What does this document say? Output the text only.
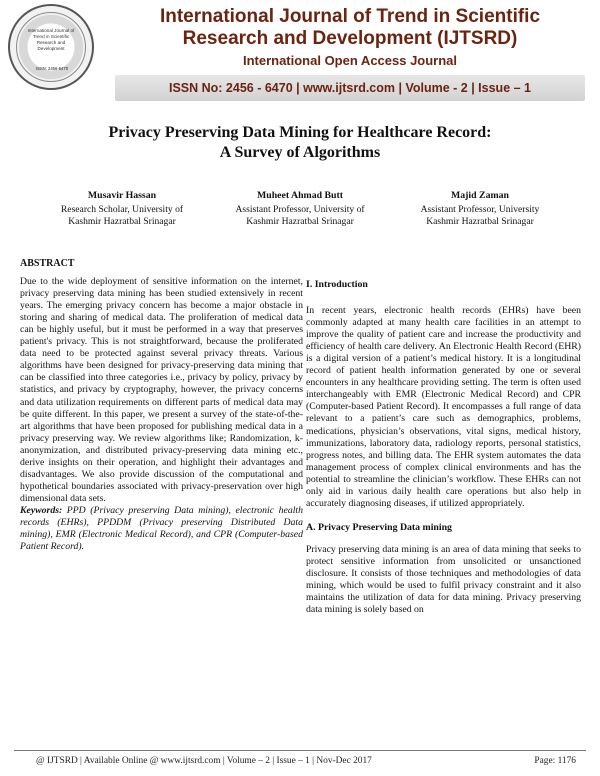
International Journal of Trend in Scientific Research and Development
ISSN: 2456-6470
International Journal of Trend in Scientific
Research and Development (IJTSRD)
International Open Access Journal
ISSN No: 2456 - 6470 | www.ijtsrd.com | Volume - 2 | Issue – 1
Privacy Preserving Data Mining for Healthcare Record:
A Survey of Algorithms
Musavir Hassan
Research Scholar, University of
Kashmir Hazratbal Srinagar
Muheet Ahmad Butt
Assistant Professor, University of
Kashmir Hazratbal Srinagar
Majid Zaman
Assistant Professor, University
Kashmir Hazratbal Srinagar
ABSTRACT

Due to the wide deployment of sensitive information on the internet, privacy preserving data mining has been studied extensively in recent years. The emerging privacy concern has become a major obstacle in storing and sharing of medical data. The proliferation of medical data can be highly useful, but it must be performed in a way that preserves patient's privacy. This is not straightforward, because the proliferated data need to be protected against several privacy threats. Various algorithms have been designed for privacy-preserving data mining that can be classified into three categories i.e., privacy by policy, privacy by statistics, and privacy by cryptography, however, the privacy concerns and data utilization requirements on different parts of medical data may be quite different. In this paper, we present a survey of the state-of-the-art algorithms that have been proposed for publishing medical data in a privacy preserving way. We review algorithms like; Randomization, k-anonymization, and distributed privacy-preserving data mining etc., derive insights on their operation, and highlight their advantages and disadvantages. We also provide discussion of the computational and hypothetical boundaries associated with privacy-preservation over high dimensional data sets.

Keywords: PPD (Privacy preserving Data mining), electronic health records (EHRs), PPDDM (Privacy preserving Distributed Data mining), EMR (Electronic Medical Record), and CPR (Computer-based Patient Record).

I. Introduction

In recent years, electronic health records (EHRs) have been commonly adapted at many health care facilities in an attempt to improve the quality of patient care and increase the productivity and efficiency of health care delivery. An Electronic Health Record (EHR) is a digital version of a patient’s medical history. It is a longitudinal record of patient health information generated by one or several encounters in any healthcare providing setting. The term is often used interchangeably with EMR (Electronic Medical Record) and CPR (Computer-based Patient Record). It encompasses a full range of data relevant to a patient’s care such as demographics, problems, medications, physician’s observations, vital signs, medical history, immunizations, laboratory data, radiology reports, personal statistics, progress notes, and billing data. The EHR system automates the data management process of complex clinical environments and has the potential to streamline the clinician’s workflow. These EHRs can not only aid in various daily health care operations but also help in accurately diagnosing diseases, if utilized appropriately.

A. Privacy Preserving Data mining

Privacy preserving data mining is an area of data mining that seeks to protect sensitive information from unsolicited or unsanctioned disclosure. It consists of those techniques and methodologies of data mining, which would be used to fulfil privacy constraint and it also maintains the utilization of data for data mining. Privacy preserving data mining is solely based on

@ IJTSRD | Available Online @ www.ijtsrd.com | Volume – 2 | Issue – 1 | Nov-Dec 2017	Page: 1176
